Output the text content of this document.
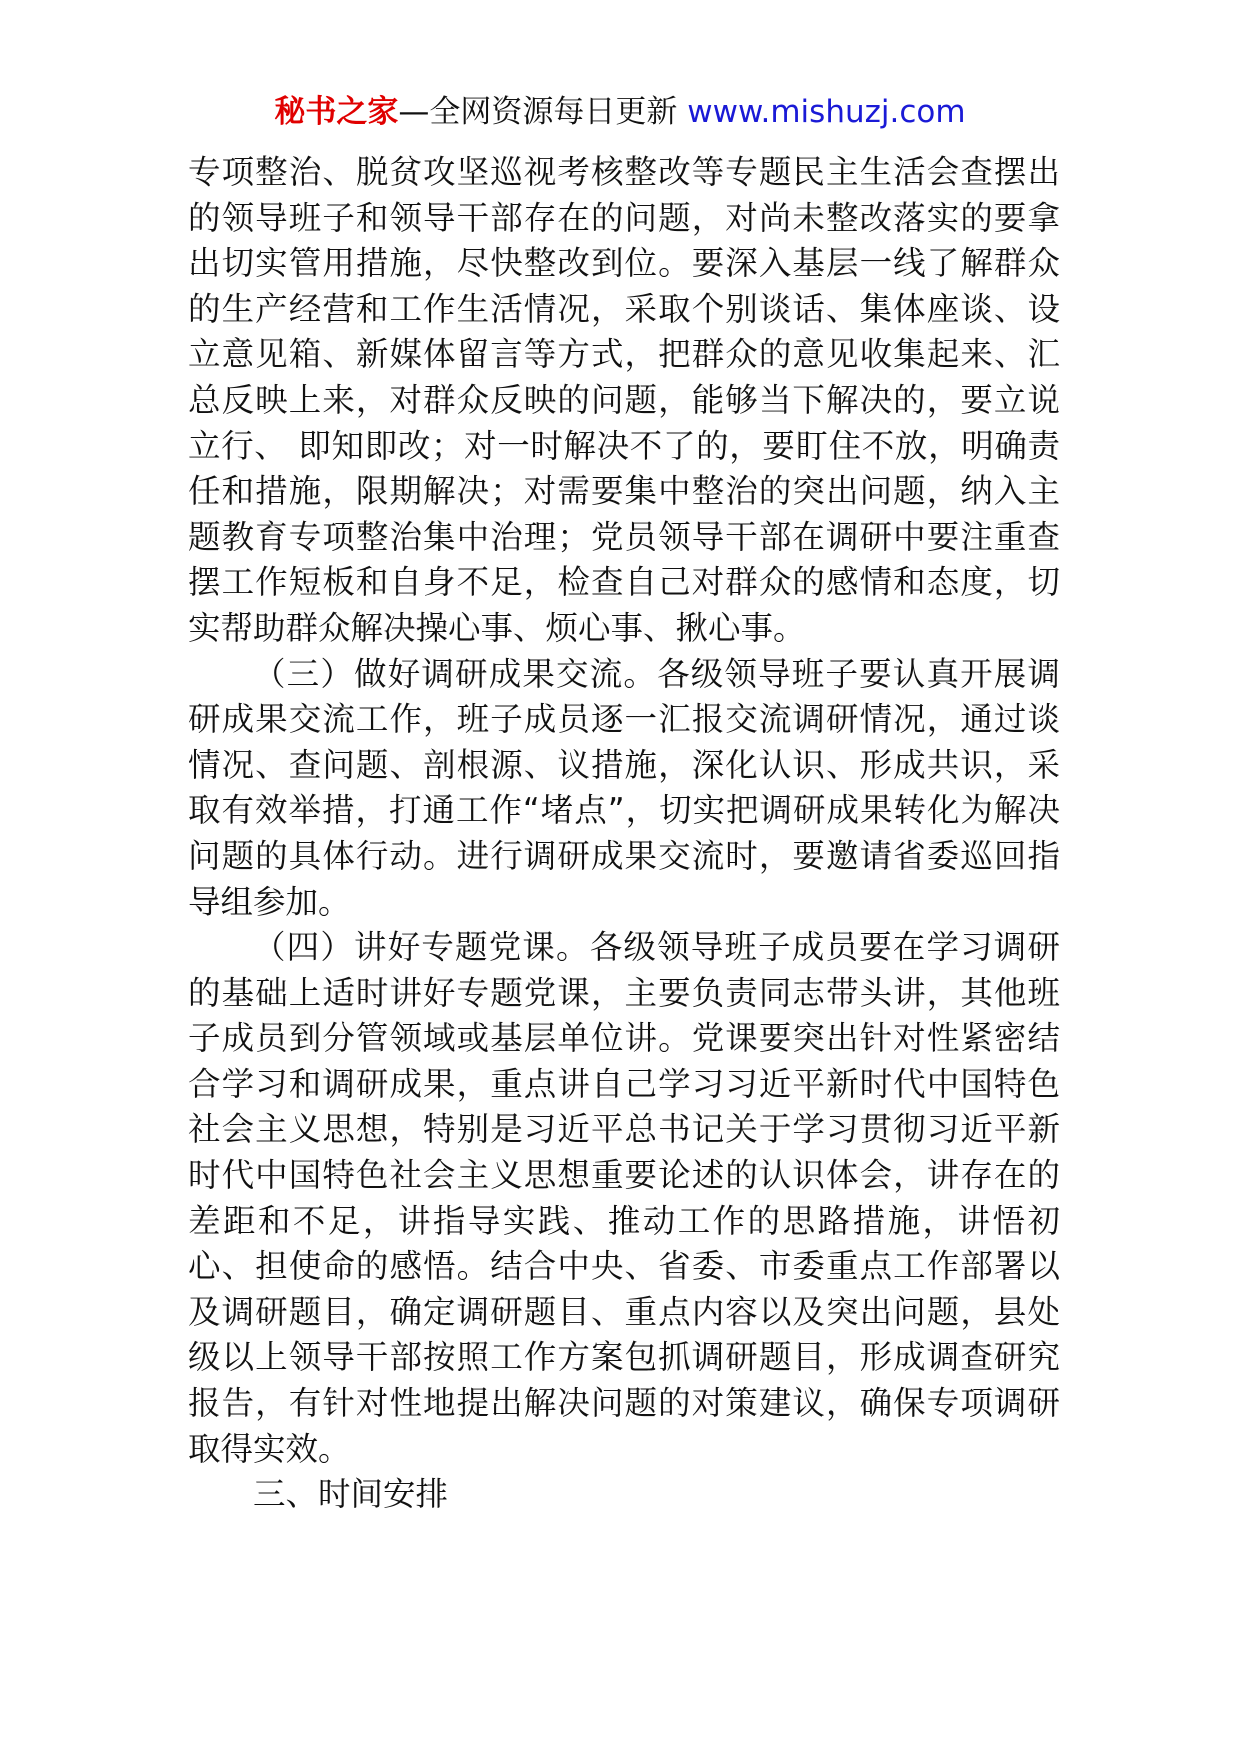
秘书之家—全网资源每日更新 www.mishuzj.com

专项整治、脱贫攻坚巡视考核整改等专题民主生活会查摆出的领导班子和领导干部存在的问题，对尚未整改落实的要拿出切实管用措施，尽快整改到位。要深入基层一线了解群众的生产经营和工作生活情况，采取个别谈话、集体座谈、设立意见箱、新媒体留言等方式，把群众的意见收集起来、汇总反映上来，对群众反映的问题，能够当下解决的，要立说立行、 即知即改；对一时解决不了的，要盯住不放，明确责任和措施，限期解决；对需要集中整治的突出问题，纳入主题教育专项整治集中治理；党员领导干部在调研中要注重查摆工作短板和自身不足，检查自己对群众的感情和态度，切实帮助群众解决操心事、烦心事、揪心事。

（三）做好调研成果交流。各级领导班子要认真开展调 研成果交流工作，班子成员逐一汇报交流调研情况，通过谈 情况、查问题、剖根源、议措施，深化认识、形成共识，采取有效举措，打通工作“堵点”，切实把调研成果转化为解决问题的具体行动。进行调研成果交流时，要邀请省委巡回指导组参加。

（四）讲好专题党课。各级领导班子成员要在学习调研的基础上适时讲好专题党课，主要负责同志带头讲，其他班子成员到分管领域或基层单位讲。党课要突出针对性紧密结合学习和调研成果，重点讲自己学习习近平新时代中国特色社会主义思想，特别是习近平总书记关于学习贯彻习近平新时代中国特色社会主义思想重要论述的认识体会，讲存在的差距和不足，讲指导实践、推动工作的思路措施，讲悟初心、担使命的感悟。结合中央、省委、市委重点工作部署以及调研题目，确定调研题目、重点内容以及突出问题，县处级以上领导干部按照工作方案包抓调研题目，形成调查研究报告，有针对性地提出解决问题的对策建议，确保专项调研取得实效。

三、时间安排
